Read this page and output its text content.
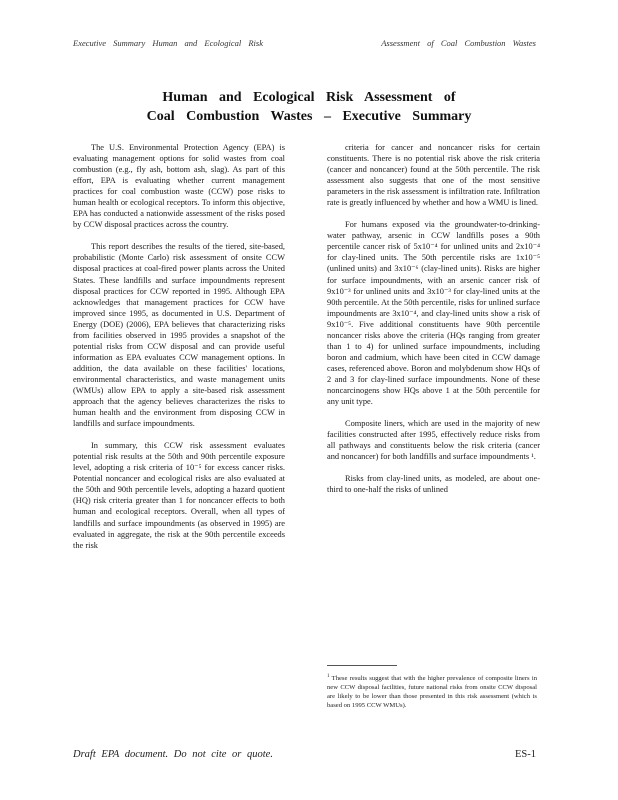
Executive Summary Human and Ecological Risk	Assessment of Coal Combustion Wastes
Human and Ecological Risk Assessment of
Coal Combustion Wastes – Executive Summary

The U.S. Environmental Protection Agency (EPA) is evaluating management options for solid wastes from coal combustion (e.g., fly ash, bottom ash, slag). As part of this effort, EPA is evaluating whether current management practices for coal combustion waste (CCW) pose risks to human health or ecological receptors. To inform this objective, EPA has conducted a nationwide assessment of the risks posed by CCW disposal practices across the country.

This report describes the results of the tiered, site-based, probabilistic (Monte Carlo) risk assessment of onsite CCW disposal practices at coal-fired power plants across the United States. These landfills and surface impoundments represent disposal practices for CCW reported in 1995. Although EPA acknowledges that management practices for CCW have improved since 1995, as documented in U.S. Department of Energy (DOE) (2006), EPA believes that characterizing risks from facilities observed in 1995 provides a snapshot of the potential risks from CCW disposal and can provide useful information as EPA evaluates CCW management options. In addition, the data available on these facilities' locations, environmental characteristics, and waste management units (WMUs) allow EPA to apply a site-based risk assessment approach that the agency believes characterizes the risks to human health and the environment from disposing CCW in landfills and surface impoundments.

In summary, this CCW risk assessment evaluates potential risk results at the 50th and 90th percentile exposure level, adopting a risk criteria of 10⁻⁵ for excess cancer risks. Potential noncancer and ecological risks are also evaluated at the 50th and 90th percentile levels, adopting a hazard quotient (HQ) risk criteria greater than 1 for noncancer effects to both human and ecological receptors. Overall, when all types of landfills and surface impoundments (as observed in 1995) are evaluated in aggregate, the risk at the 90th percentile exceeds the risk

criteria for cancer and noncancer risks for certain constituents. There is no potential risk above the risk criteria (cancer and noncancer) found at the 50th percentile. The risk assessment also suggests that one of the most sensitive parameters in the risk assessment is infiltration rate. Infiltration rate is greatly influenced by whether and how a WMU is lined.

For humans exposed via the groundwater-to-drinking-water pathway, arsenic in CCW landfills poses a 90th percentile cancer risk of 5x10⁻⁴ for unlined units and 2x10⁻⁴ for clay-lined units. The 50th percentile risks are 1x10⁻⁵ (unlined units) and 3x10⁻⁶ (clay-lined units). Risks are higher for surface impoundments, with an arsenic cancer risk of 9x10⁻³ for unlined units and 3x10⁻³ for clay-lined units at the 90th percentile. At the 50th percentile, risks for unlined surface impoundments are 3x10⁻⁴, and clay-lined units show a risk of 9x10⁻⁵. Five additional constituents have 90th percentile noncancer risks above the criteria (HQs ranging from greater than 1 to 4) for unlined surface impoundments, including boron and cadmium, which have been cited in CCW damage cases, referenced above. Boron and molybdenum show HQs of 2 and 3 for clay-lined surface impoundments. None of these noncarcinogens show HQs above 1 at the 50th percentile for any unit type.

Composite liners, which are used in the majority of new facilities constructed after 1995, effectively reduce risks from all pathways and constituents below the risk criteria (cancer and noncancer) for both landfills and surface impoundments ¹.

Risks from clay-lined units, as modeled, are about one-third to one-half the risks of unlined

$^1$ These results suggest that with the higher prevalence of composite liners in new CCW disposal facilities, future national risks from onsite CCW disposal are likely to be lower than those presented in this risk assessment (which is based on 1995 CCW WMUs).
Draft EPA document. Do not cite or quote.	ES-1
